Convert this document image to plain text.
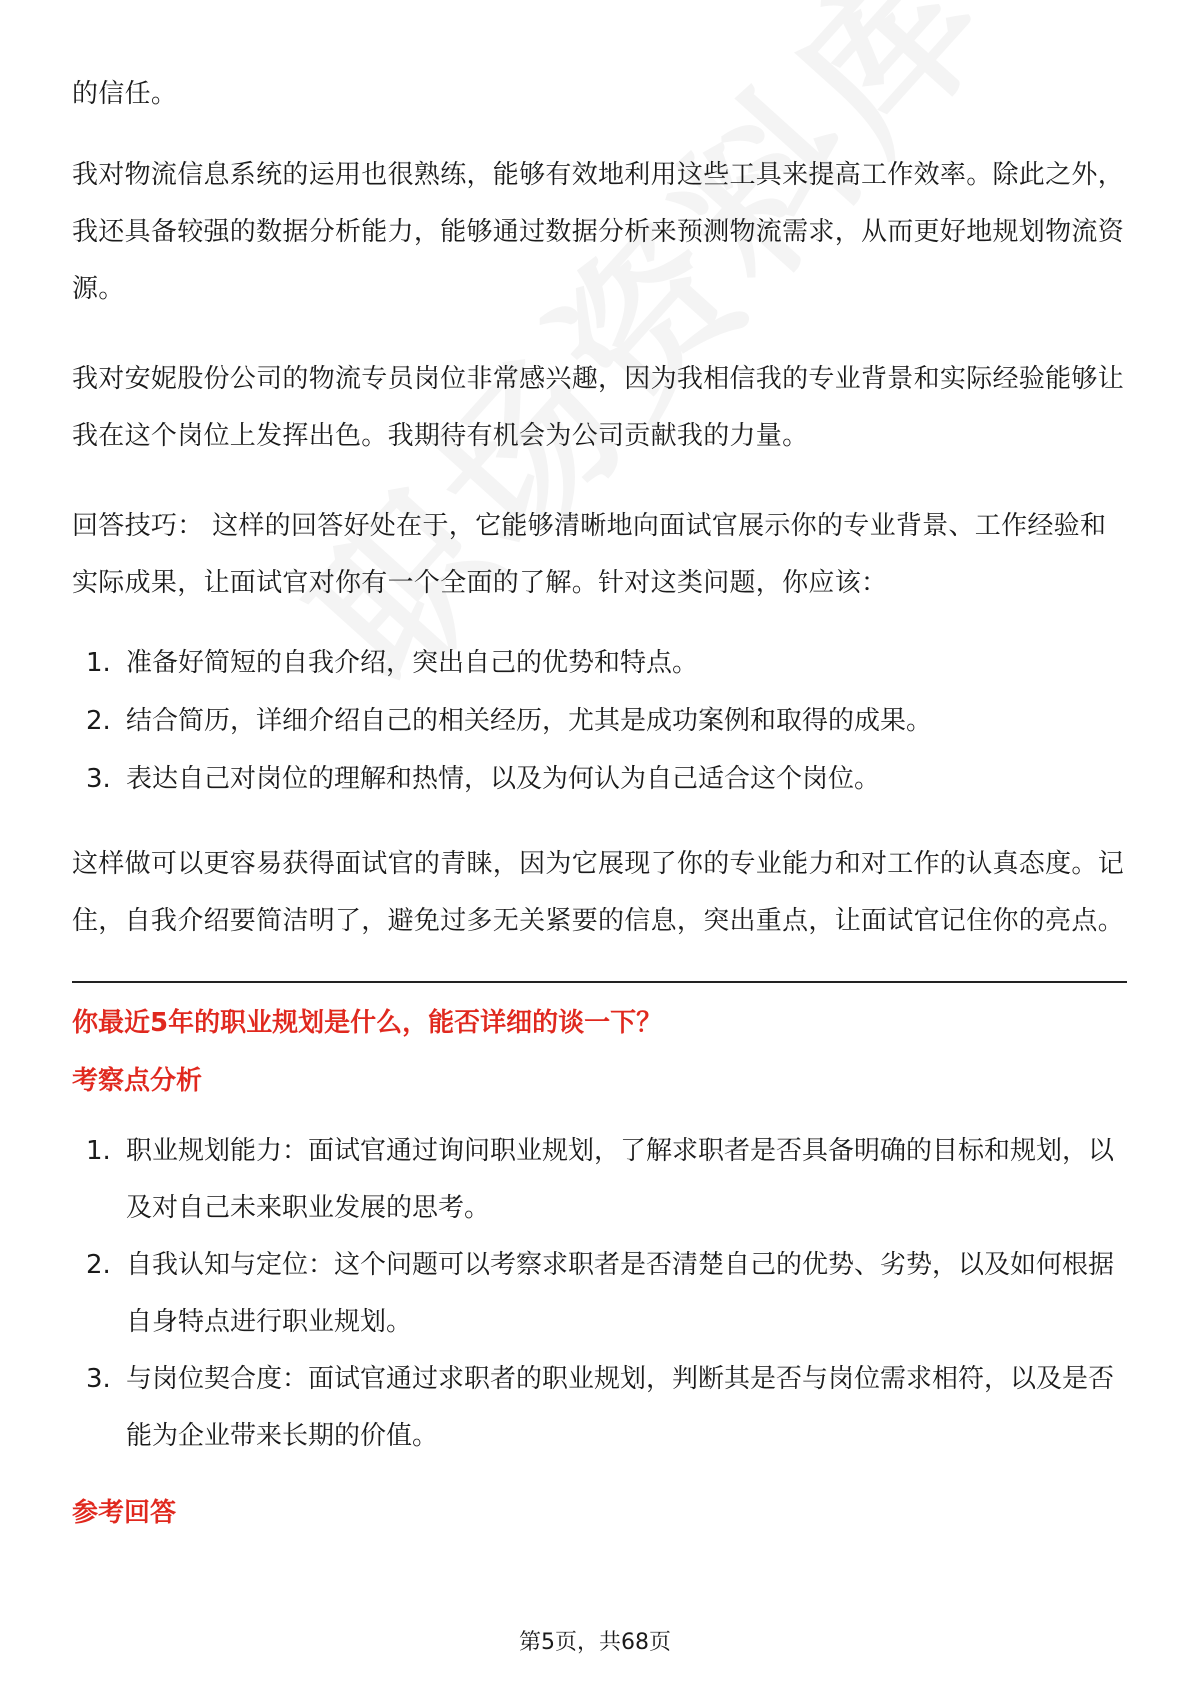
的信任。

我对物流信息系统的运用也很熟练，能够有效地利用这些工具来提高工作效率。除此之外，我还具备较强的数据分析能力，能够通过数据分析来预测物流需求，从而更好地规划物流资源。

我对安妮股份公司的物流专员岗位非常感兴趣，因为我相信我的专业背景和实际经验能够让我在这个岗位上发挥出色。我期待有机会为公司贡献我的力量。

回答技巧： 这样的回答好处在于，它能够清晰地向面试官展示你的专业背景、工作经验和实际成果，让面试官对你有一个全面的了解。针对这类问题，你应该：

1. 准备好简短的自我介绍，突出自己的优势和特点。
2. 结合简历，详细介绍自己的相关经历，尤其是成功案例和取得的成果。
3. 表达自己对岗位的理解和热情，以及为何认为自己适合这个岗位。

这样做可以更容易获得面试官的青睐，因为它展现了你的专业能力和对工作的认真态度。记住，自我介绍要简洁明了，避免过多无关紧要的信息，突出重点，让面试官记住你的亮点。

你最近5年的职业规划是什么，能否详细的谈一下？
考察点分析
1. 职业规划能力：面试官通过询问职业规划，了解求职者是否具备明确的目标和规划，以及对自己未来职业发展的思考。
2. 自我认知与定位：这个问题可以考察求职者是否清楚自己的优势、劣势，以及如何根据自身特点进行职业规划。
3. 与岗位契合度：面试官通过求职者的职业规划，判断其是否与岗位需求相符，以及是否能为企业带来长期的价值。
参考回答
第5页，共68页
